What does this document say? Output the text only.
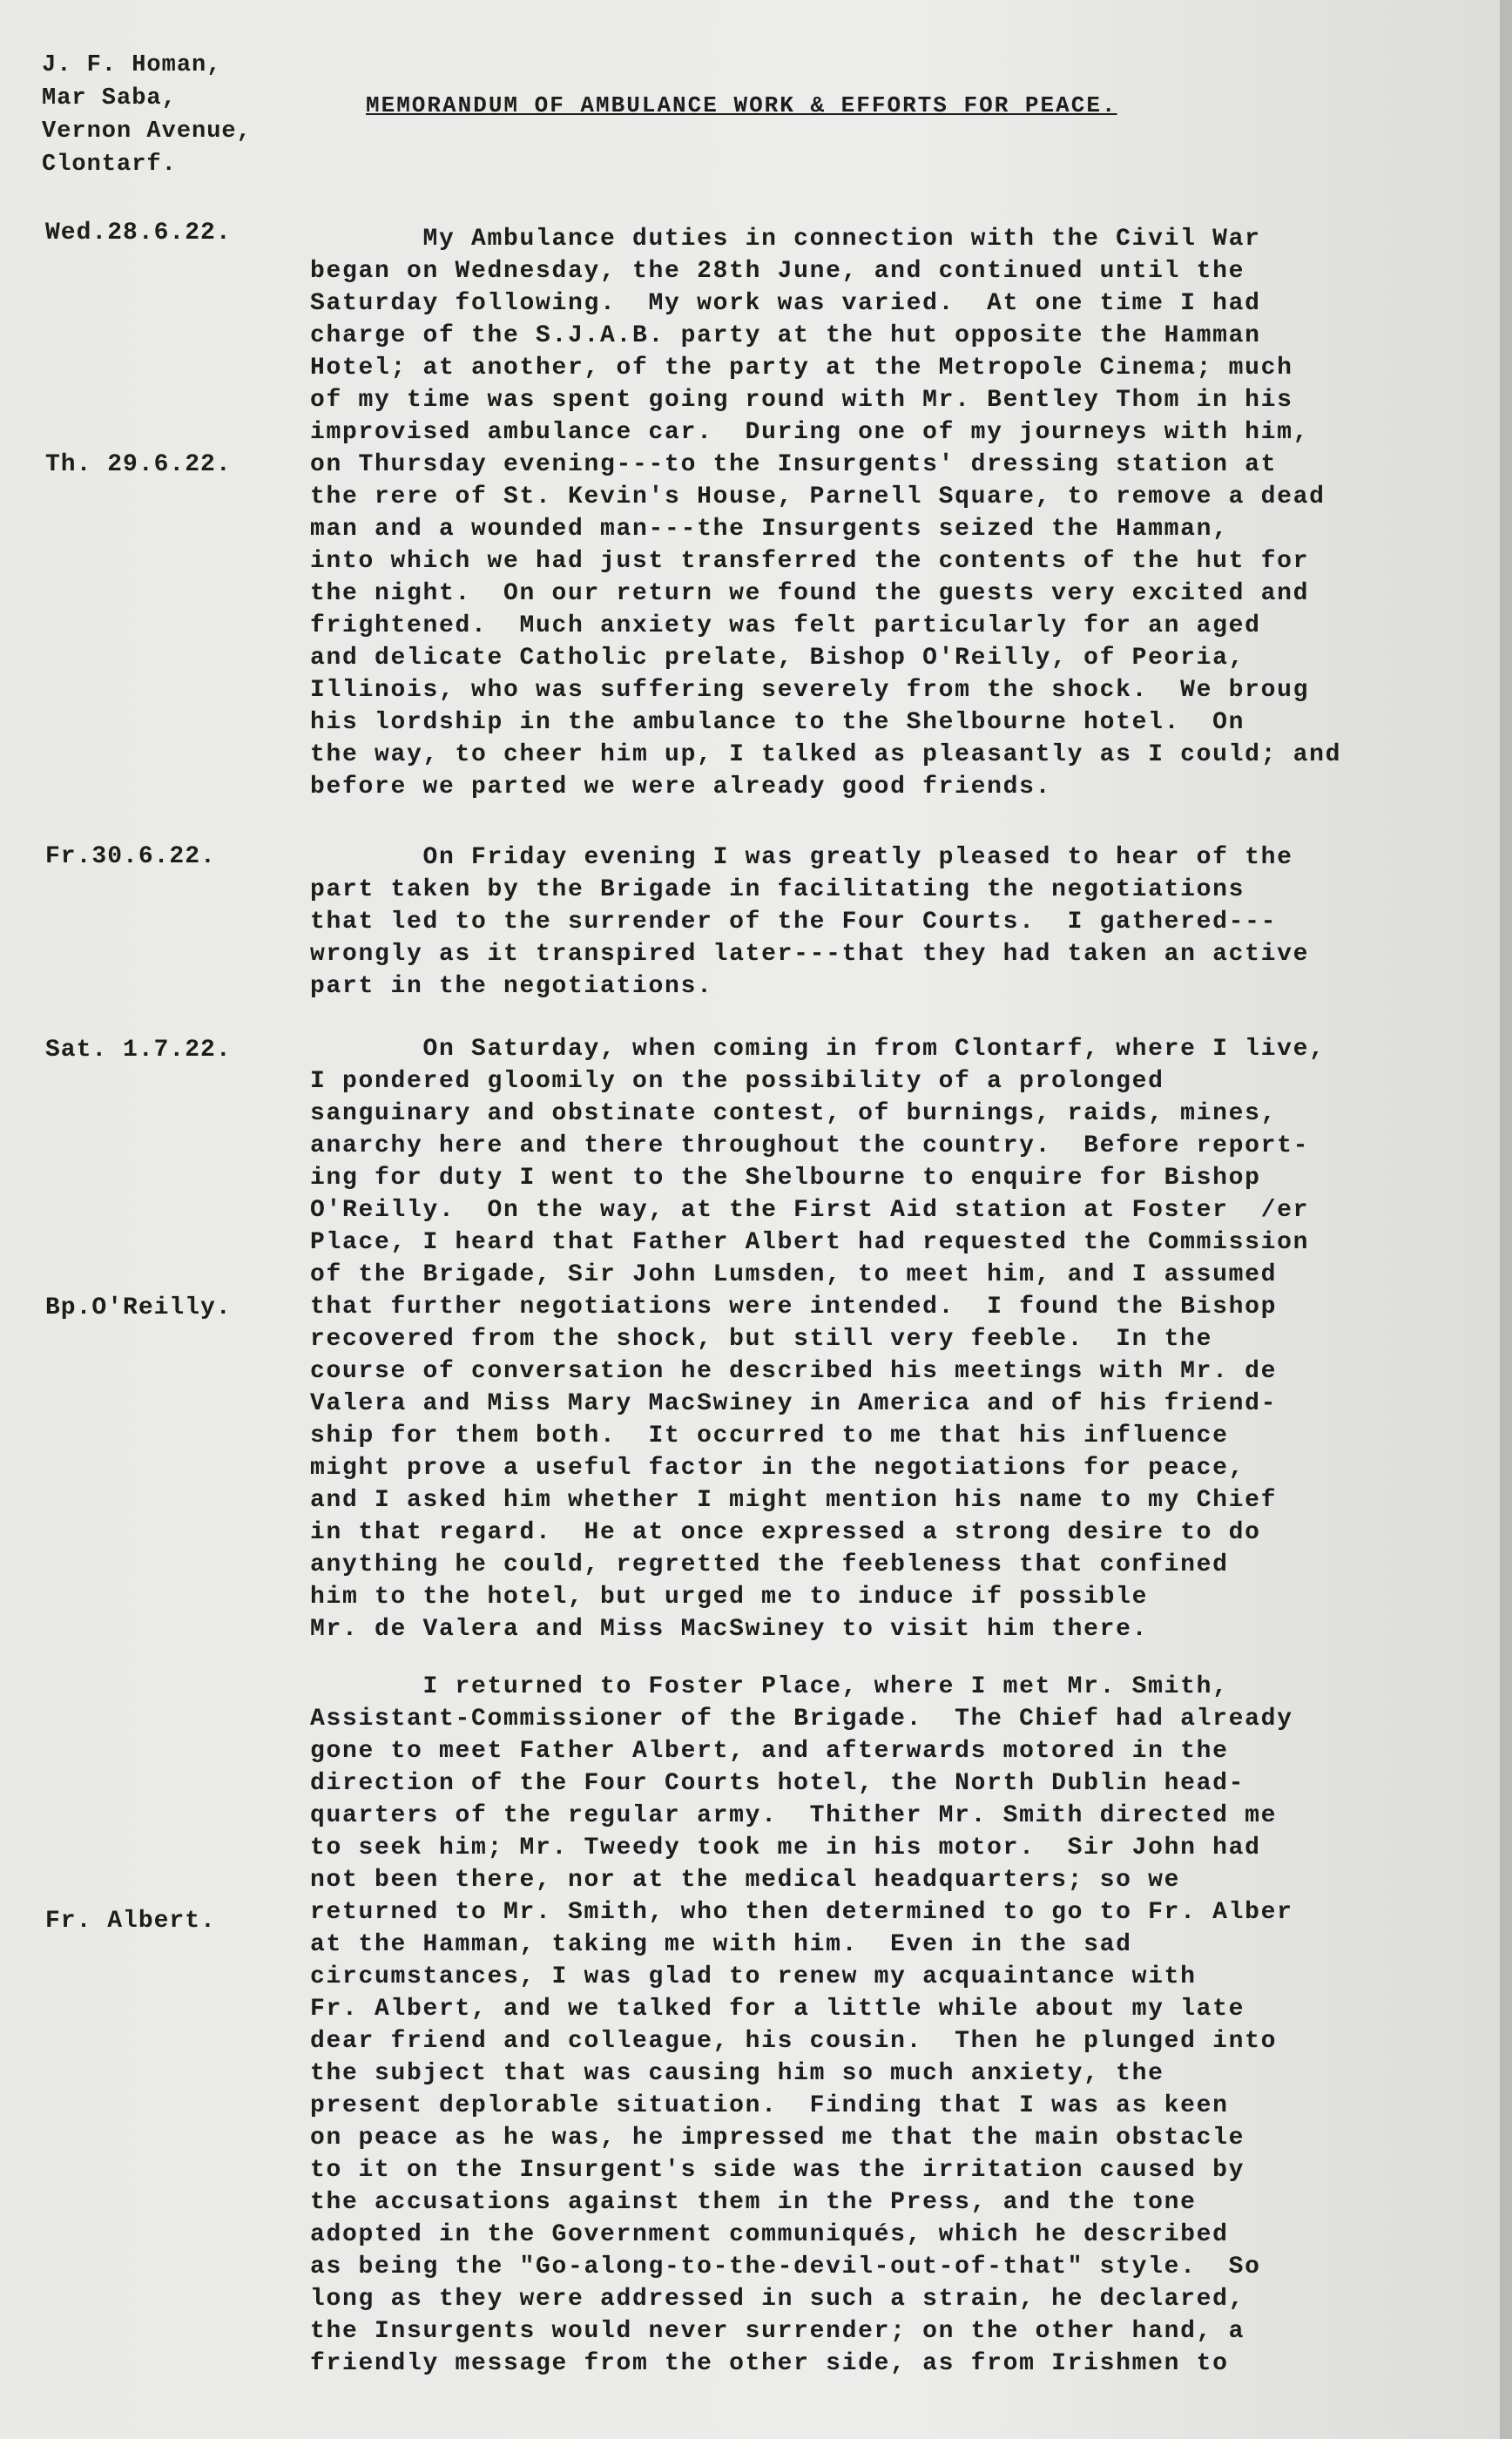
J. F. Homan,
Mar Saba,
Vernon Avenue,
Clontarf.
MEMORANDUM OF AMBULANCE WORK & EFFORTS FOR PEACE.
Wed.28.6.22.
Th. 29.6.22.
Fr.30.6.22.
Sat. 1.7.22.
Bp.O'Reilly.
Fr. Albert.
My Ambulance duties in connection with the Civil War
began on Wednesday, the 28th June, and continued until the
Saturday following.  My work was varied.  At one time I had
charge of the S.J.A.B. party at the hut opposite the Hamman
Hotel; at another, of the party at the Metropole Cinema; much
of my time was spent going round with Mr. Bentley Thom in his
improvised ambulance car.  During one of my journeys with him,
on Thursday evening---to the Insurgents' dressing station at
the rere of St. Kevin's House, Parnell Square, to remove a dead
man and a wounded man---the Insurgents seized the Hamman,
into which we had just transferred the contents of the hut for
the night.  On our return we found the guests very excited and
frightened.  Much anxiety was felt particularly for an aged
and delicate Catholic prelate, Bishop O'Reilly, of Peoria,
Illinois, who was suffering severely from the shock.  We broug
his lordship in the ambulance to the Shelbourne hotel.  On
the way, to cheer him up, I talked as pleasantly as I could; and
before we parted we were already good friends.
On Friday evening I was greatly pleased to hear of the
part taken by the Brigade in facilitating the negotiations
that led to the surrender of the Four Courts.  I gathered---
wrongly as it transpired later---that they had taken an active
part in the negotiations.
On Saturday, when coming in from Clontarf, where I live,
I pondered gloomily on the possibility of a prolonged
sanguinary and obstinate contest, of burnings, raids, mines,
anarchy here and there throughout the country.  Before report-
ing for duty I went to the Shelbourne to enquire for Bishop
O'Reilly.  On the way, at the First Aid station at Foster  /er
Place, I heard that Father Albert had requested the Commission
of the Brigade, Sir John Lumsden, to meet him, and I assumed
that further negotiations were intended.  I found the Bishop
recovered from the shock, but still very feeble.  In the
course of conversation he described his meetings with Mr. de
Valera and Miss Mary MacSwiney in America and of his friend-
ship for them both.  It occurred to me that his influence
might prove a useful factor in the negotiations for peace,
and I asked him whether I might mention his name to my Chief
in that regard.  He at once expressed a strong desire to do
anything he could, regretted the feebleness that confined
him to the hotel, but urged me to induce if possible
Mr. de Valera and Miss MacSwiney to visit him there.
I returned to Foster Place, where I met Mr. Smith,
Assistant-Commissioner of the Brigade.  The Chief had already
gone to meet Father Albert, and afterwards motored in the
direction of the Four Courts hotel, the North Dublin head-
quarters of the regular army.  Thither Mr. Smith directed me
to seek him; Mr. Tweedy took me in his motor.  Sir John had
not been there, nor at the medical headquarters; so we
returned to Mr. Smith, who then determined to go to Fr. Alber
at the Hamman, taking me with him.  Even in the sad
circumstances, I was glad to renew my acquaintance with
Fr. Albert, and we talked for a little while about my late
dear friend and colleague, his cousin.  Then he plunged into
the subject that was causing him so much anxiety, the
present deplorable situation.  Finding that I was as keen
on peace as he was, he impressed me that the main obstacle
to it on the Insurgent's side was the irritation caused by
the accusations against them in the Press, and the tone
adopted in the Government communiqués, which he described
as being the "Go-along-to-the-devil-out-of-that" style.  So
long as they were addressed in such a strain, he declared,
the Insurgents would never surrender; on the other hand, a
friendly message from the other side, as from Irishmen to
